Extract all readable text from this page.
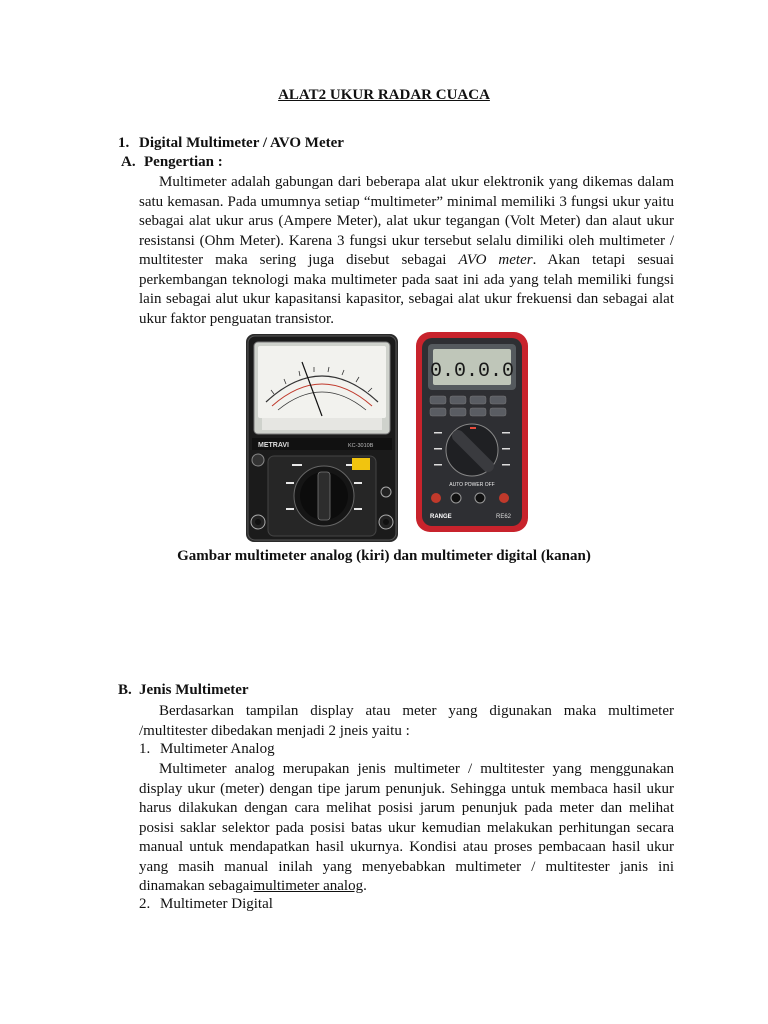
ALAT2 UKUR RADAR CUACA
1. Digital Multimeter / AVO Meter
A. Pengertian :

Multimeter adalah gabungan dari beberapa alat ukur elektronik yang dikemas dalam satu kemasan. Pada umumnya setiap “multimeter” minimal memiliki 3 fungsi ukur yaitu sebagai alat ukur arus (Ampere Meter), alat ukur tegangan (Volt Meter) dan alaut ukur resistansi (Ohm Meter). Karena 3 fungsi ukur tersebut selalu dimiliki oleh multimeter / multitester maka sering juga disebut sebagai AVO meter. Akan tetapi sesuai perkembangan teknologi maka multimeter pada saat ini ada yang telah memiliki fungsi lain sebagai alut ukur kapasitansi kapasitor, sebagai alat ukur frekuensi dan sebagai alat ukur faktor penguatan transistor.

METRAVI	KC-3010B
0.0.0.0
AUTO POWER OFF
RANGE	RE62
Gambar multimeter analog (kiri) dan multimeter digital (kanan)
B. Jenis Multimeter

Berdasarkan tampilan display atau meter yang digunakan maka multimeter /multitester dibedakan menjadi 2 jneis yaitu :

1. Multimeter Analog

Multimeter analog merupakan jenis multimeter / multitester yang menggunakan display ukur (meter) dengan tipe jarum penunjuk. Sehingga untuk membaca hasil ukur harus dilakukan dengan cara melihat posisi jarum penunjuk pada meter dan melihat posisi saklar selektor pada posisi batas ukur kemudian melakukan perhitungan secara manual untuk mendapatkan hasil ukurnya. Kondisi atau proses pembacaan hasil ukur yang masih manual inilah yang menyebabkan multimeter / multitester janis ini dinamakan sebagaimultimeter analog.

2. Multimeter Digital
